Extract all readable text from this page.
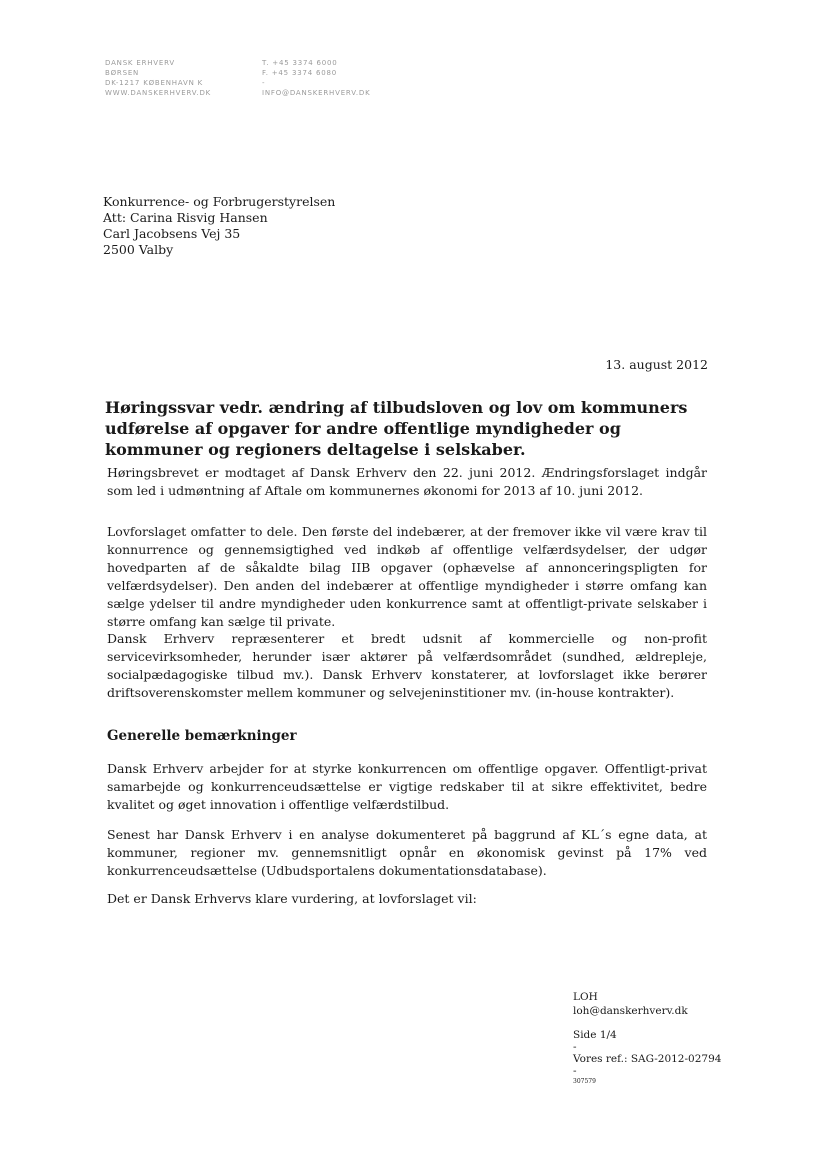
DANSK ERHVERV
BØRSEN
DK-1217 KØBENHAVN K
WWW.DANSKERHVERV.DK
T. +45 3374 6000
F. +45 3374 6080
-
INFO@DANSKERHVERV.DK
Konkurrence- og Forbrugerstyrelsen
Att: Carina Risvig Hansen
Carl Jacobsens Vej 35
2500 Valby
13. august 2012
Høringssvar vedr. ændring af tilbudsloven og lov om kommuners udførelse af opgaver for andre offentlige myndigheder og kommuner og regioners deltagelse i selskaber.

Høringsbrevet er modtaget af Dansk Erhverv den 22. juni 2012. Ændringsforslaget indgår som led i udmøntning af Aftale om kommunernes økonomi for 2013 af 10. juni 2012.

Lovforslaget omfatter to dele. Den første del indebærer, at der fremover ikke vil være krav til konnurrence og gennemsigtighed ved indkøb af offentlige velfærdsydelser, der udgør hovedparten af de såkaldte bilag IIB opgaver (ophævelse af annonceringspligten for velfærdsydelser). Den anden del indebærer at offentlige myndigheder i større omfang kan sælge ydelser til andre myndigheder uden konkurrence samt at offentligt-private selskaber i større omfang kan sælge til private.

Dansk Erhverv repræsenterer et bredt udsnit af kommercielle og non-profit servicevirksomheder, herunder især aktører på velfærdsområdet (sundhed, ældrepleje, socialpædagogiske tilbud mv.). Dansk Erhverv konstaterer, at lovforslaget ikke berører driftsoverenskomster mellem kommuner og selvejeninstitioner mv. (in-house kontrakter).

Generelle bemærkninger

Dansk Erhverv arbejder for at styrke konkurrencen om offentlige opgaver. Offentligt-privat samarbejde og konkurrenceudsættelse er vigtige redskaber til at sikre effektivitet, bedre kvalitet og øget innovation i offentlige velfærdstilbud.

Senest har Dansk Erhverv i en analyse dokumenteret på baggrund af KL´s egne data, at kommuner, regioner mv. gennemsnitligt opnår en økonomisk gevinst på 17% ved konkurrenceudsættelse (Udbudsportalens dokumentationsdatabase).

Det er Dansk Erhvervs klare vurdering, at lovforslaget vil:

LOH
loh@danskerhverv.dk
Side 1/4
-
Vores ref.: SAG-2012-02794
-
307579
